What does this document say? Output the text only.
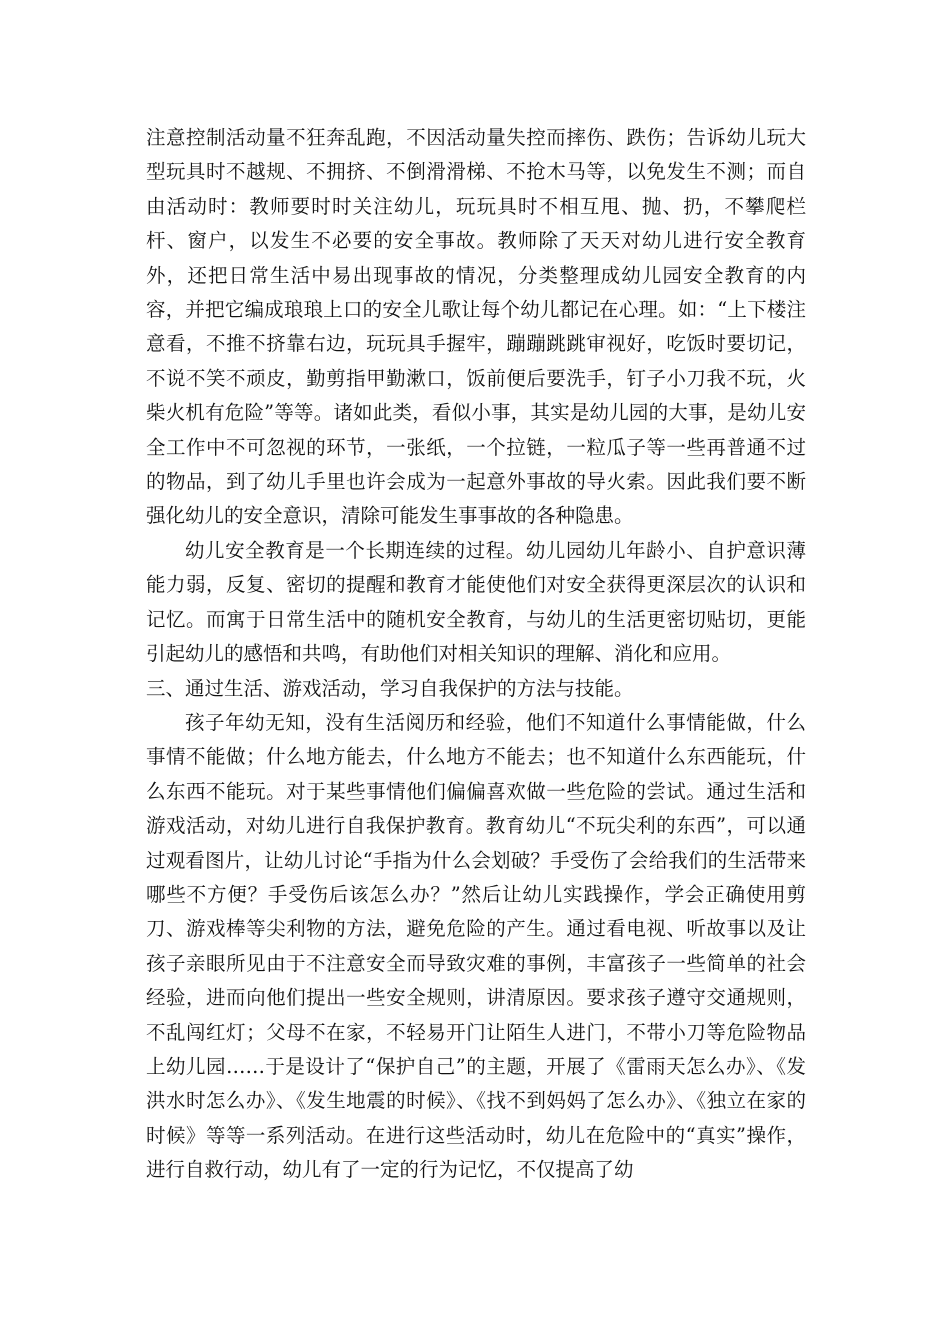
注意控制活动量不狂奔乱跑，不因活动量失控而摔伤、跌伤；告诉幼儿玩大型玩具时不越规、不拥挤、不倒滑滑梯、不抢木马等，以免发生不测；而自 由活动时：教师要时时关注幼儿，玩玩具时不相互甩、抛、扔，不攀爬栏杆、窗户，以发生不必要的安全事故。教师除了天天对幼儿进行安全教育外，还把日常生活中易出现事故的情况，分类整理成幼儿园安全教育的内容，并把它编成琅琅上口的安全儿歌让每个幼儿都记在心理。如：“上下楼注意看，不推不挤靠右边，玩玩具手握牢，蹦蹦跳跳审视好，吃饭时要切记，不说不笑不顽皮，勤剪指甲勤漱口，饭前便后要洗手，钉子小刀我不玩，火柴火机有危险”等等。诸如此类，看似小事，其实是幼儿园的大事，是幼儿安全工作中不可忽视的环节，一张纸，一个拉链，一粒瓜子等一些再普通不过的物品，到了幼儿手里也许会成为一起意外事故的导火索。因此我们要不断强化幼儿的安全意识，清除可能发生事事故的各种隐患。

幼儿安全教育是一个长期连续的过程。幼儿园幼儿年龄小、自护意识薄能力弱，反复、密切的提醒和教育才能使他们对安全获得更深层次的认识和记忆。而寓于日常生活中的随机安全教育，与幼儿的生活更密切贴切，更能引起幼儿的感悟和共鸣，有助他们对相关知识的理解、消化和应用。

三、通过生活、游戏活动，学习自我保护的方法与技能。

孩子年幼无知，没有生活阅历和经验，他们不知道什么事情能做，什么事情不能做；什么地方能去，什么地方不能去；也不知道什么东西能玩，什么东西不能玩。对于某些事情他们偏偏喜欢做一些危险的尝试。通过生活和游戏活动，对幼儿进行自我保护教育。教育幼儿“不玩尖利的东西”，可以通过观看图片，让幼儿讨论“手指为什么会划破？手受伤了会给我们的生活带来哪些不方便？手受伤后该怎么办？”然后让幼儿实践操作，学会正确使用剪刀、游戏棒等尖利物的方法，避免危险的产生。通过看电视、听故事以及让孩子亲眼所见由于不注意安全而导致灾难的事例，丰富孩子一些简单的社会经验，进而向他们提出一些安全规则，讲清原因。要求孩子遵守交通规则，不乱闯红灯；父母不在家，不轻易开门让陌生人进门，不带小刀等危险物品上幼儿园……于是设计了“保护自己”的主题，开展了《雷雨天怎么办》、《发洪水时怎么办》、《发生地震的时候》、《找不到妈妈了怎么办》、《独立在家的时候》等等一系列活动。在进行这些活动时，幼儿在危险中的“真实”操作，进行自救行动，幼儿有了一定的行为记忆，不仅提高了幼
